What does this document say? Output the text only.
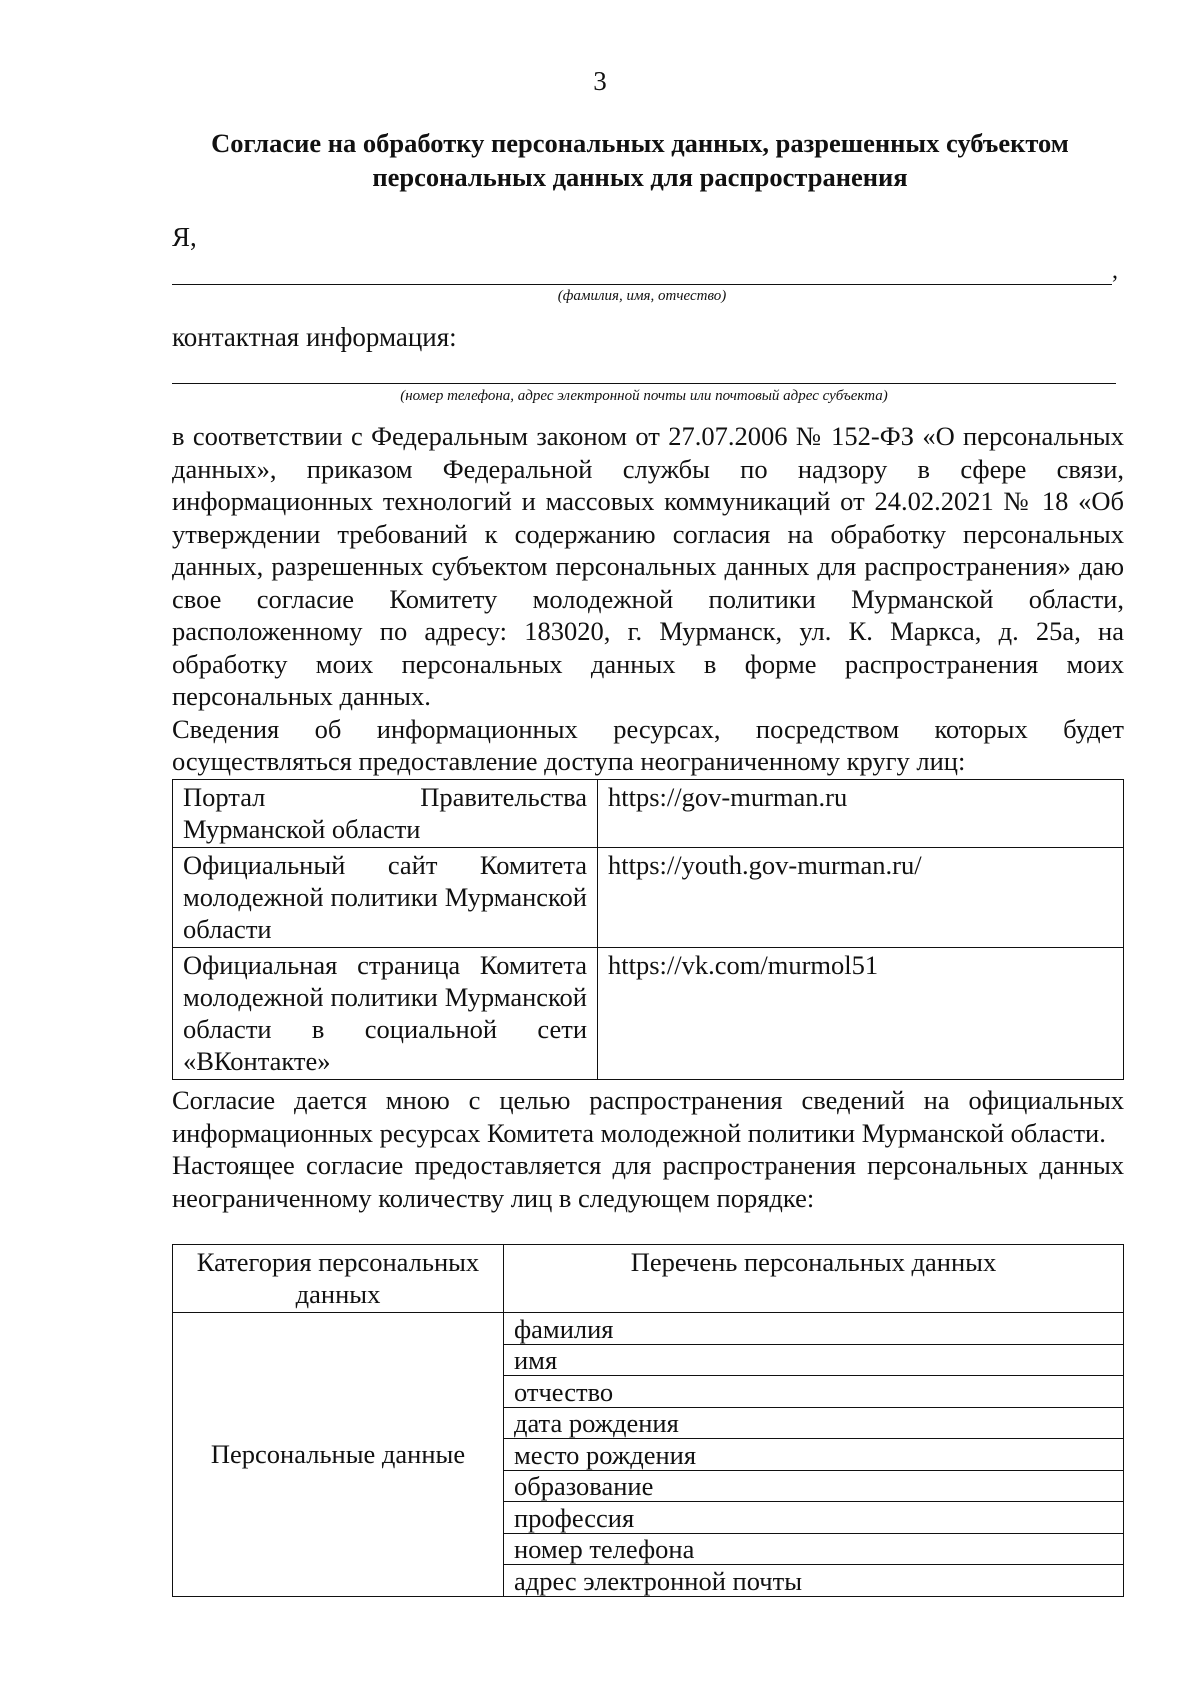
3
Согласие на обработку персональных данных, разрешенных субъектом
персональных данных для распространения
Я,
,
(фамилия, имя, отчество)
контактная информация:
(номер телефона, адрес электронной почты или почтовый адрес субъекта)

в соответствии с Федеральным законом от 27.07.2006 № 152-ФЗ «О персональных данных», приказом Федеральной службы по надзору в сфере связи, информационных технологий и массовых коммуникаций от 24.02.2021 № 18 «Об утверждении требований к содержанию согласия на обработку персональных данных, разрешенных субъектом персональных данных для распространения» даю свое согласие Комитету молодежной политики Мурманской области, расположенному по адресу: 183020, г. Мурманск, ул. К. Маркса, д. 25а, на обработку моих персональных данных в форме распространения моих персональных данных.

Сведения об информационных ресурсах, посредством которых будет осуществляться предоставление доступа неограниченному кругу лиц:

Портал Правительства Мурманской области	https://gov-murman.ru
Официальный сайт Комитета молодежной политики Мурманской области	https://youth.gov-murman.ru/
Официальная страница Комитета молодежной политики Мурманской области в социальной сети «ВКонтакте»	https://vk.com/murmol51

Согласие дается мною с целью распространения сведений на официальных информационных ресурсах Комитета молодежной политики Мурманской области.

Настоящее согласие предоставляется для распространения персональных данных неограниченному количеству лиц в следующем порядке:

Категория персональных данных	Перечень персональных данных
Персональные данные	фамилия
	имя
	отчество
	дата рождения
	место рождения
	образование
	профессия
	номер телефона
	адрес электронной почты
